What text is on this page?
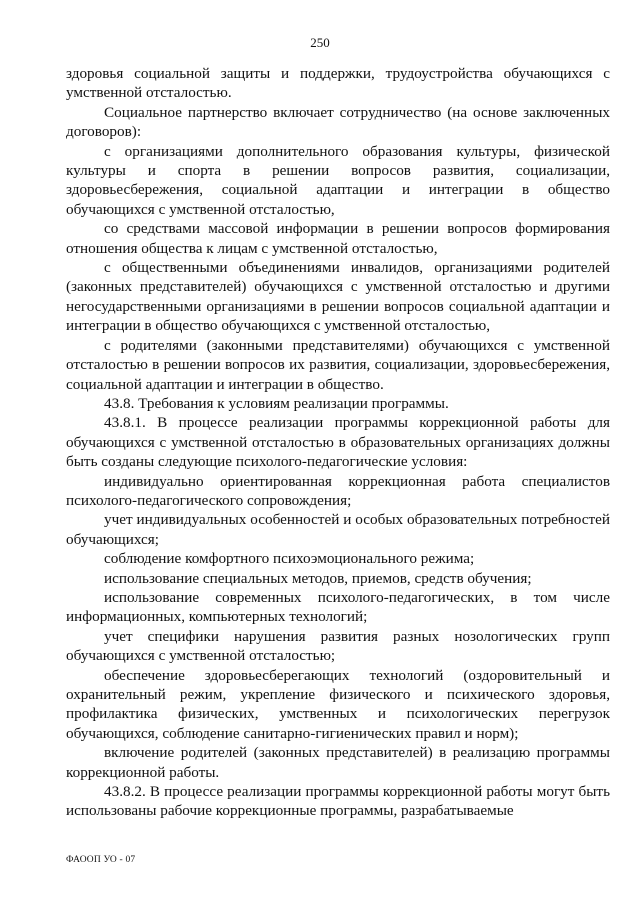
250

здоровья социальной защиты и поддержки, трудоустройства обучающихся с умственной отсталостью.

Социальное партнерство включает сотрудничество (на основе заключенных договоров):

с организациями дополнительного образования культуры, физической культуры и спорта в решении вопросов развития, социализации, здоровьесбережения, социальной адаптации и интеграции в общество обучающихся с умственной отсталостью,

со средствами массовой информации в решении вопросов формирования отношения общества к лицам с умственной отсталостью,

с общественными объединениями инвалидов, организациями родителей (законных представителей) обучающихся с умственной отсталостью и другими негосударственными организациями в решении вопросов социальной адаптации и интеграции в общество обучающихся с умственной отсталостью,

с родителями (законными представителями) обучающихся с умственной отсталостью в решении вопросов их развития, социализации, здоровьесбережения, социальной адаптации и интеграции в общество.

43.8. Требования к условиям реализации программы.

43.8.1. В процессе реализации программы коррекционной работы для обучающихся с умственной отсталостью в образовательных организациях должны быть созданы следующие психолого-педагогические условия:

индивидуально ориентированная коррекционная работа специалистов психолого-педагогического сопровождения;

учет индивидуальных особенностей и особых образовательных потребностей обучающихся;

соблюдение комфортного психоэмоционального режима;

использование специальных методов, приемов, средств обучения;

использование современных психолого-педагогических, в том числе информационных, компьютерных технологий;

учет специфики нарушения развития разных нозологических групп обучающихся с умственной отсталостью;

обеспечение здоровьесберегающих технологий (оздоровительный и охранительный режим, укрепление физического и психического здоровья, профилактика физических, умственных и психологических перегрузок обучающихся, соблюдение санитарно-гигиенических правил и норм);

включение родителей (законных представителей) в реализацию программы коррекционной работы.

43.8.2. В процессе реализации программы коррекционной работы могут быть использованы рабочие коррекционные программы, разрабатываемые

ФАООП УО - 07
